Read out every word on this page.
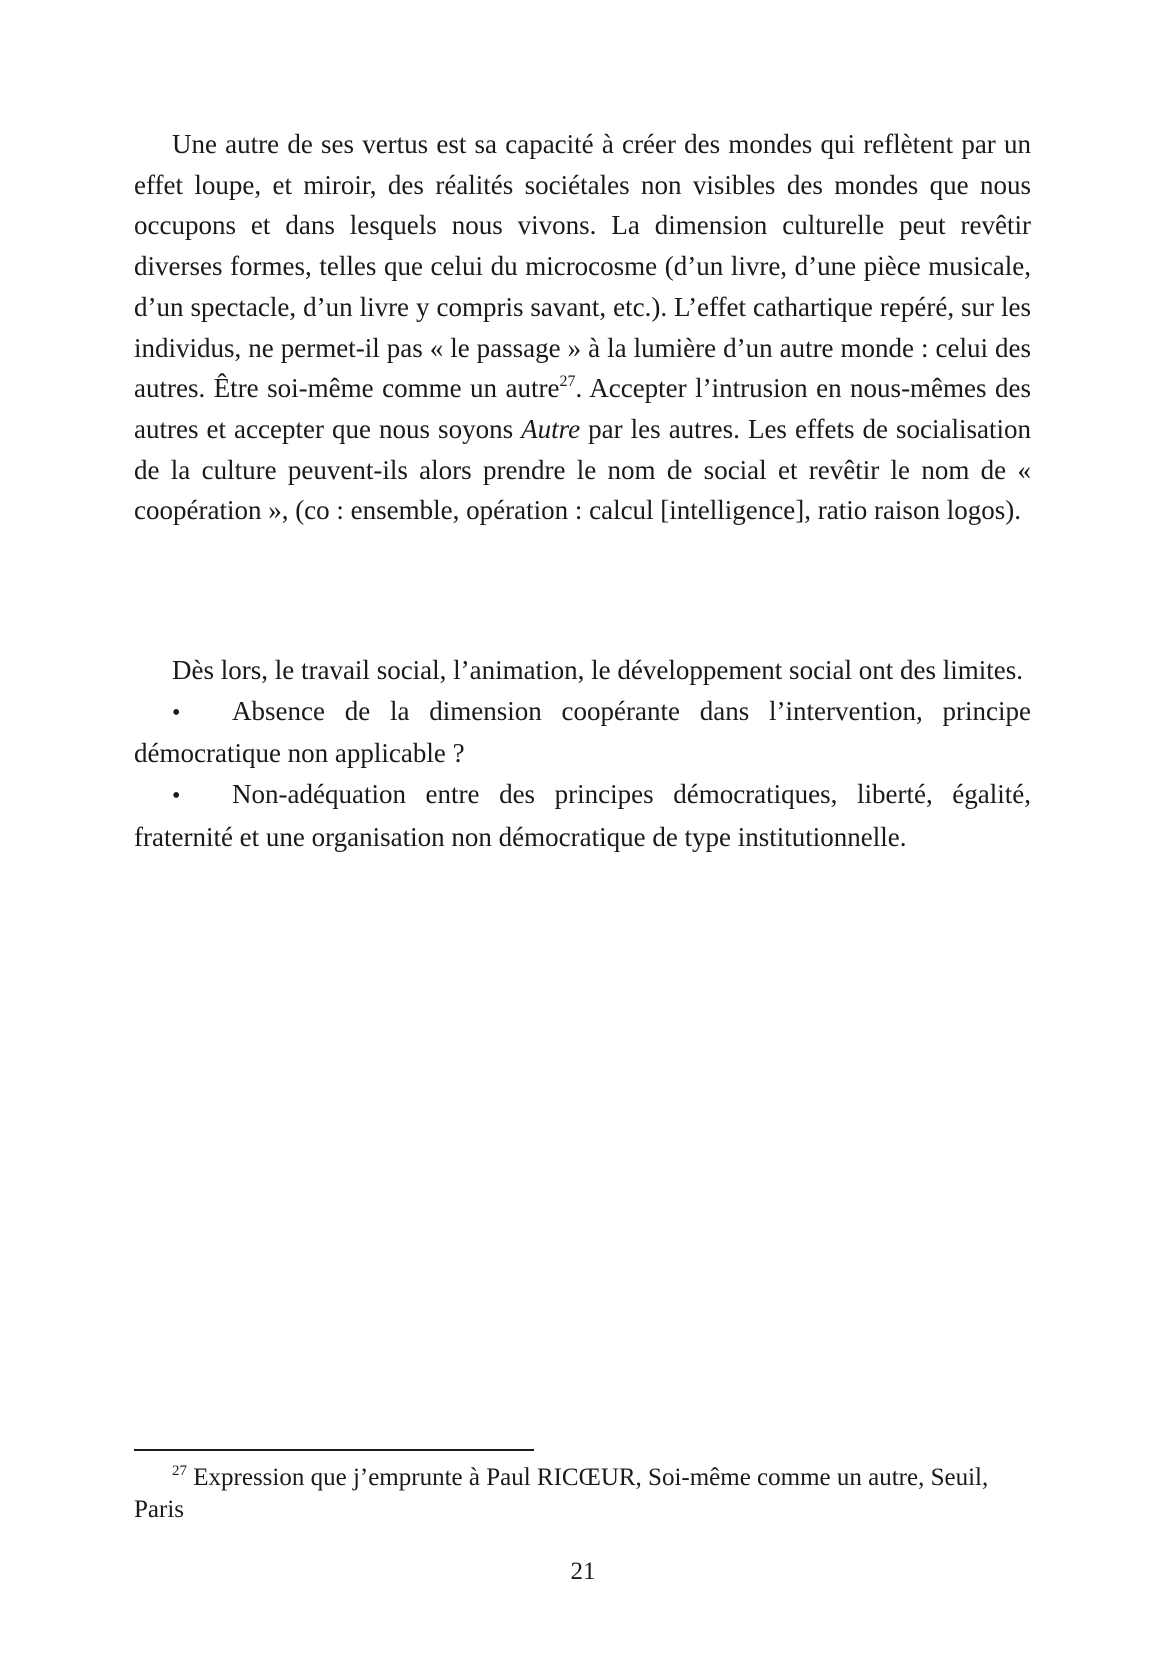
Une autre de ses vertus est sa capacité à créer des mondes qui reflètent par un effet loupe, et miroir, des réalités sociétales non visibles des mondes que nous occupons et dans lesquels nous vivons. La dimension culturelle peut revêtir diverses formes, telles que celui du microcosme (d’un livre, d’une pièce musicale, d’un spectacle, d’un livre y compris savant, etc.). L’effet cathartique repéré, sur les individus, ne permet-il pas « le passage » à la lumière d’un autre monde : celui des autres. Être soi-même comme un autre$^{27}$. Accepter l’intrusion en nous-mêmes des autres et accepter que nous soyons Autre par les autres. Les effets de socialisation de la culture peuvent-ils alors prendre le nom de social et revêtir le nom de « coopération », (co : ensemble, opération : calcul [intelligence], ratio raison logos).

Dès lors, le travail social, l’animation, le développement social ont des limites.

• Absence de la dimension coopérante dans l’intervention, principe démocratique non applicable ?
• Non-adéquation entre des principes démocratiques, liberté, égalité, fraternité et une organisation non démocratique de type institutionnelle.

$^{27}$ Expression que j’emprunte à Paul RICŒUR, Soi-même comme un autre, Seuil, Paris

21
